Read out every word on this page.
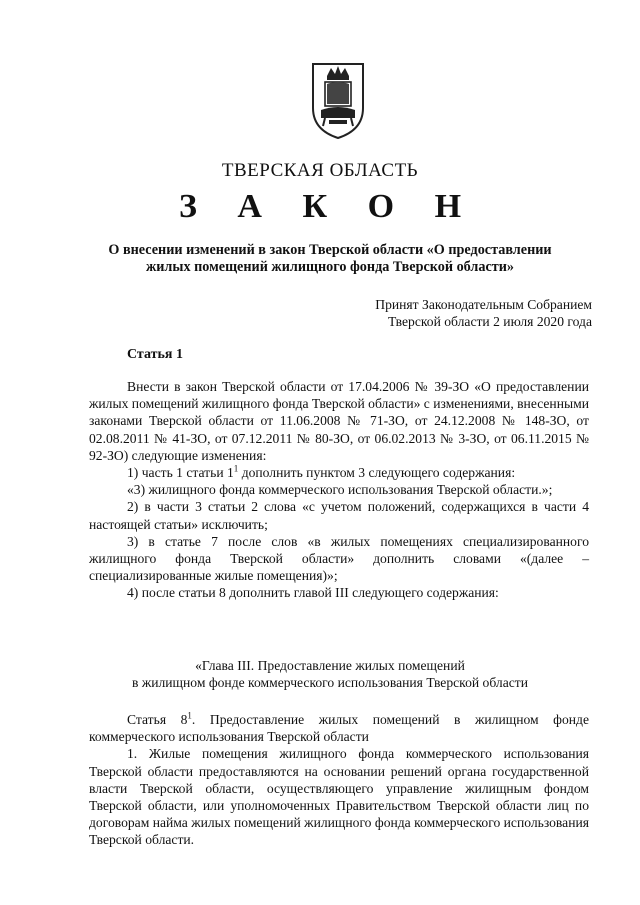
ТВЕРСКАЯ ОБЛАСТЬ
З А К О Н
О внесении изменений в закон Тверской области «О предоставлении
жилых помещений жилищного фонда Тверской области»
Принят Законодательным Собранием
Тверской области 2 июля 2020 года
Статья 1

Внести в закон Тверской области от 17.04.2006 № 39-ЗО «О предоставлении жилых помещений жилищного фонда Тверской области» с изменениями, внесенными законами Тверской области от 11.06.2008 № 71-ЗО, от 24.12.2008 № 148-ЗО, от 02.08.2011 № 41-ЗО, от 07.12.2011 № 80-ЗО, от 06.02.2013 № 3-ЗО, от 06.11.2015 № 92-ЗО) следующие изменения:

1) часть 1 статьи $1^1$ дополнить пунктом 3 следующего содержания:

«3) жилищного фонда коммерческого использования Тверской области.»;

2) в части 3 статьи 2 слова «с учетом положений, содержащихся в части 4 настоящей статьи» исключить;

3) в статье 7 после слов «в жилых помещениях специализированного жилищного фонда Тверской области» дополнить словами «(далее – специализированные жилые помещения)»;

4) после статьи 8 дополнить главой III следующего содержания:

«Глава III. Предоставление жилых помещений
в жилищном фонде коммерческого использования Тверской области

Статья $8^1$. Предоставление жилых помещений в жилищном фонде коммерческого использования Тверской области

1. Жилые помещения жилищного фонда коммерческого использования Тверской области предоставляются на основании решений органа государственной власти Тверской области, осуществляющего управление жилищным фондом Тверской области, или уполномоченных Правительством Тверской области лиц по договорам найма жилых помещений жилищного фонда коммерческого использования Тверской области.
